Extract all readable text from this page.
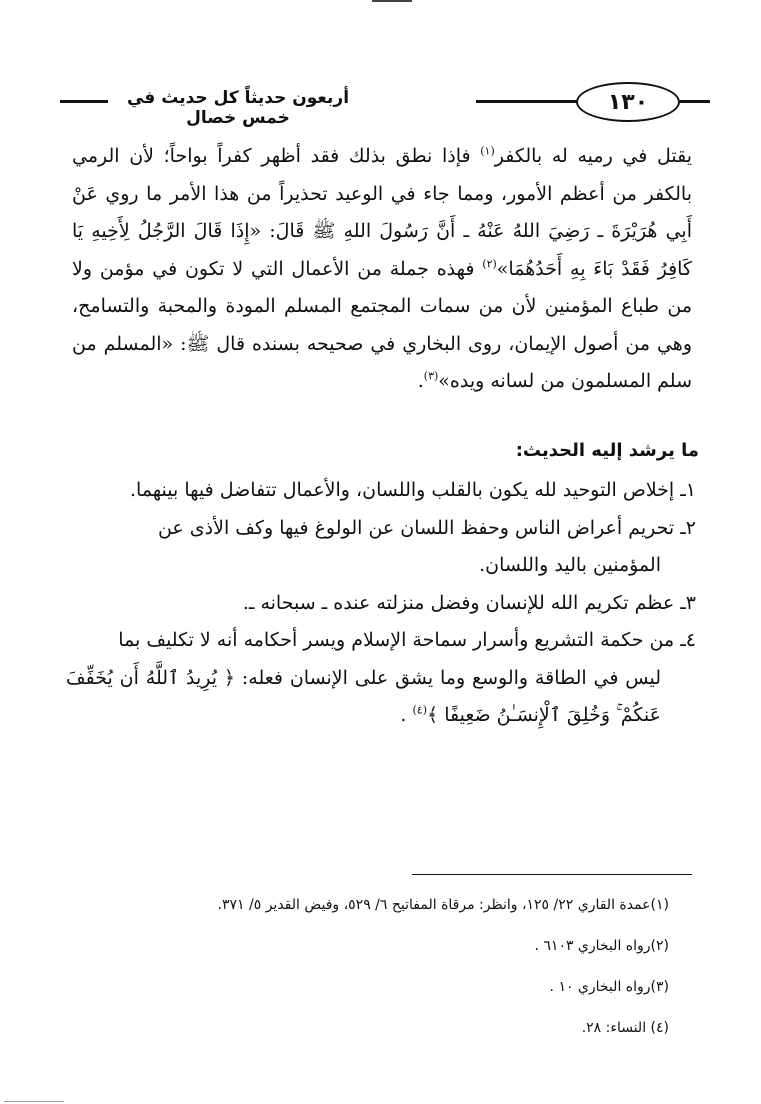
١٣٠
أربعون حديثاً كل حديث في خمس خصال

يقتل في رميه له بالكفر$^{(١)}$ فإذا نطق بذلك فقد أظهر كفراً بواحاً؛ لأن الرمي بالكفر من أعظم الأمور، ومما جاء في الوعيد تحذيراً من هذا الأمر ما روي عَنْ أَبِي هُرَيْرَةَ ـ رَضِيَ اللهُ عَنْهُ ـ أَنَّ رَسُولَ اللهِ ﷺ قَالَ: «إِذَا قَالَ الرَّجُلُ لِأَخِيهِ يَا كَافِرُ فَقَدْ بَاءَ بِهِ أَحَدُهُمَا»$^{(٢)}$ فهذه جملة من الأعمال التي لا تكون في مؤمن ولا من طباع المؤمنين لأن من سمات المجتمع المسلم المودة والمحبة والتسامح، وهي من أصول الإيمان، روى البخاري في صحيحه بسنده قال ﷺ: «المسلم من سلم المسلمون من لسانه ويده»$^{(٣)}$.

ما يرشد إليه الحديث:

١ـ إخلاص التوحيد لله يكون بالقلب واللسان، والأعمال تتفاضل فيها بينهما.

٢ـ تحريم أعراض الناس وحفظ اللسان عن الولوغ فيها وكف الأذى عن

المؤمنين باليد واللسان.

٣ـ عظم تكريم الله للإنسان وفضل منزلته عنده ـ سبحانه ـ.

٤ـ من حكمة التشريع وأسرار سماحة الإسلام ويسر أحكامه أنه لا تكليف بما

ليس في الطاقة والوسع وما يشق على الإنسان فعله: ﴿ يُرِيدُ ٱللَّهُ أَن يُخَفِّفَ عَنكُمْ ۚ وَخُلِقَ ٱلْإِنسَـٰنُ ضَعِيفًا ﴾$^{(٤)}$ .

(١)عمدة القاري ٢٢/ ١٢٥، وانظر: مرقاة المفاتيح ٦/ ٥٢٩، وفيض القدير ٥/ ٣٧١.

(٢)رواه البخاري ٦١٠٣ .

(٣)رواه البخاري ١٠ .

(٤) النساء: ٢٨.
